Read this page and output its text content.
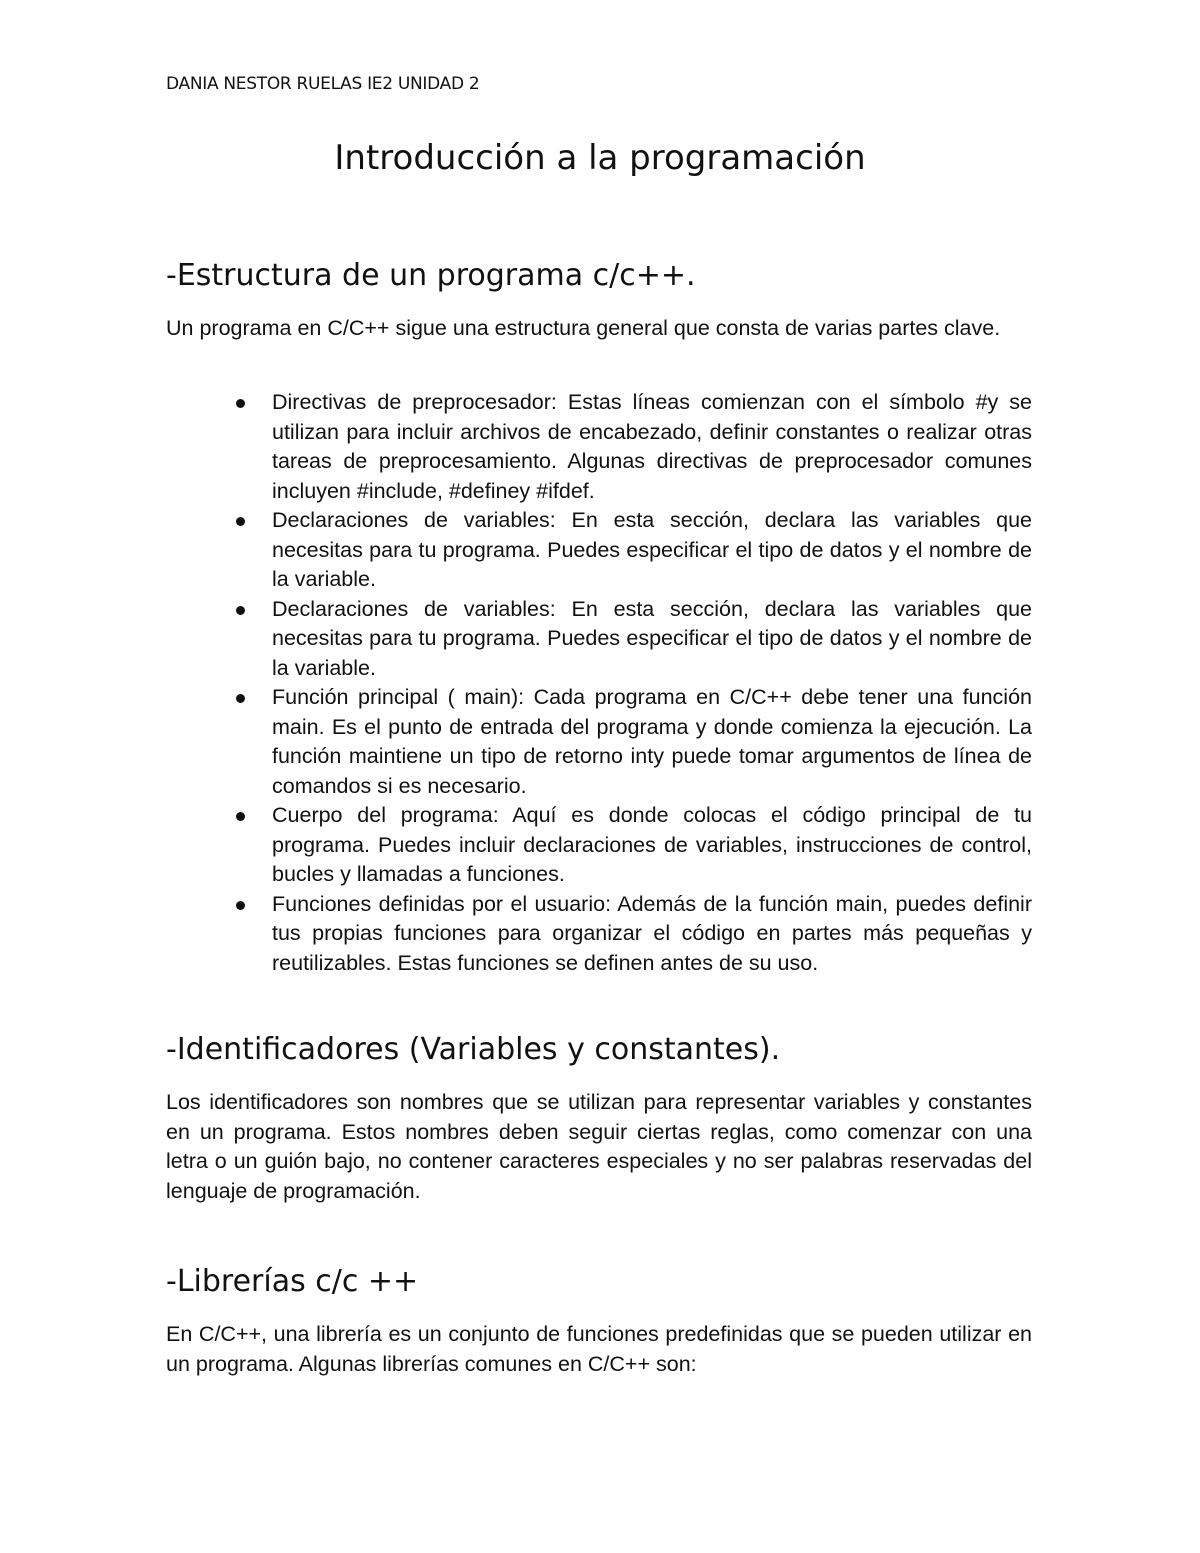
DANIA NESTOR RUELAS IE2 UNIDAD 2
Introducción a la programación
-Estructura de un programa c/c++.

Un programa en C/C++ sigue una estructura general que consta de varias partes clave.

Directivas de preprocesador: Estas líneas comienzan con el símbolo #y se utilizan para incluir archivos de encabezado, definir constantes o realizar otras tareas de preprocesamiento. Algunas directivas de preprocesador comunes incluyen #include, #definey #ifdef.
Declaraciones de variables: En esta sección, declara las variables que necesitas para tu programa. Puedes especificar el tipo de datos y el nombre de la variable.
Declaraciones de variables: En esta sección, declara las variables que necesitas para tu programa. Puedes especificar el tipo de datos y el nombre de la variable.
Función principal ( main): Cada programa en C/C++ debe tener una función main. Es el punto de entrada del programa y donde comienza la ejecución. La función maintiene un tipo de retorno inty puede tomar argumentos de línea de comandos si es necesario.
Cuerpo del programa: Aquí es donde colocas el código principal de tu programa. Puedes incluir declaraciones de variables, instrucciones de control, bucles y llamadas a funciones.
Funciones definidas por el usuario: Además de la función main, puedes definir tus propias funciones para organizar el código en partes más pequeñas y reutilizables. Estas funciones se definen antes de su uso.
-Identificadores (Variables y constantes).

Los identificadores son nombres que se utilizan para representar variables y constantes en un programa. Estos nombres deben seguir ciertas reglas, como comenzar con una letra o un guión bajo, no contener caracteres especiales y no ser palabras reservadas del lenguaje de programación.

-Librerías c/c ++

En C/C++, una librería es un conjunto de funciones predefinidas que se pueden utilizar en un programa. Algunas librerías comunes en C/C++ son:
